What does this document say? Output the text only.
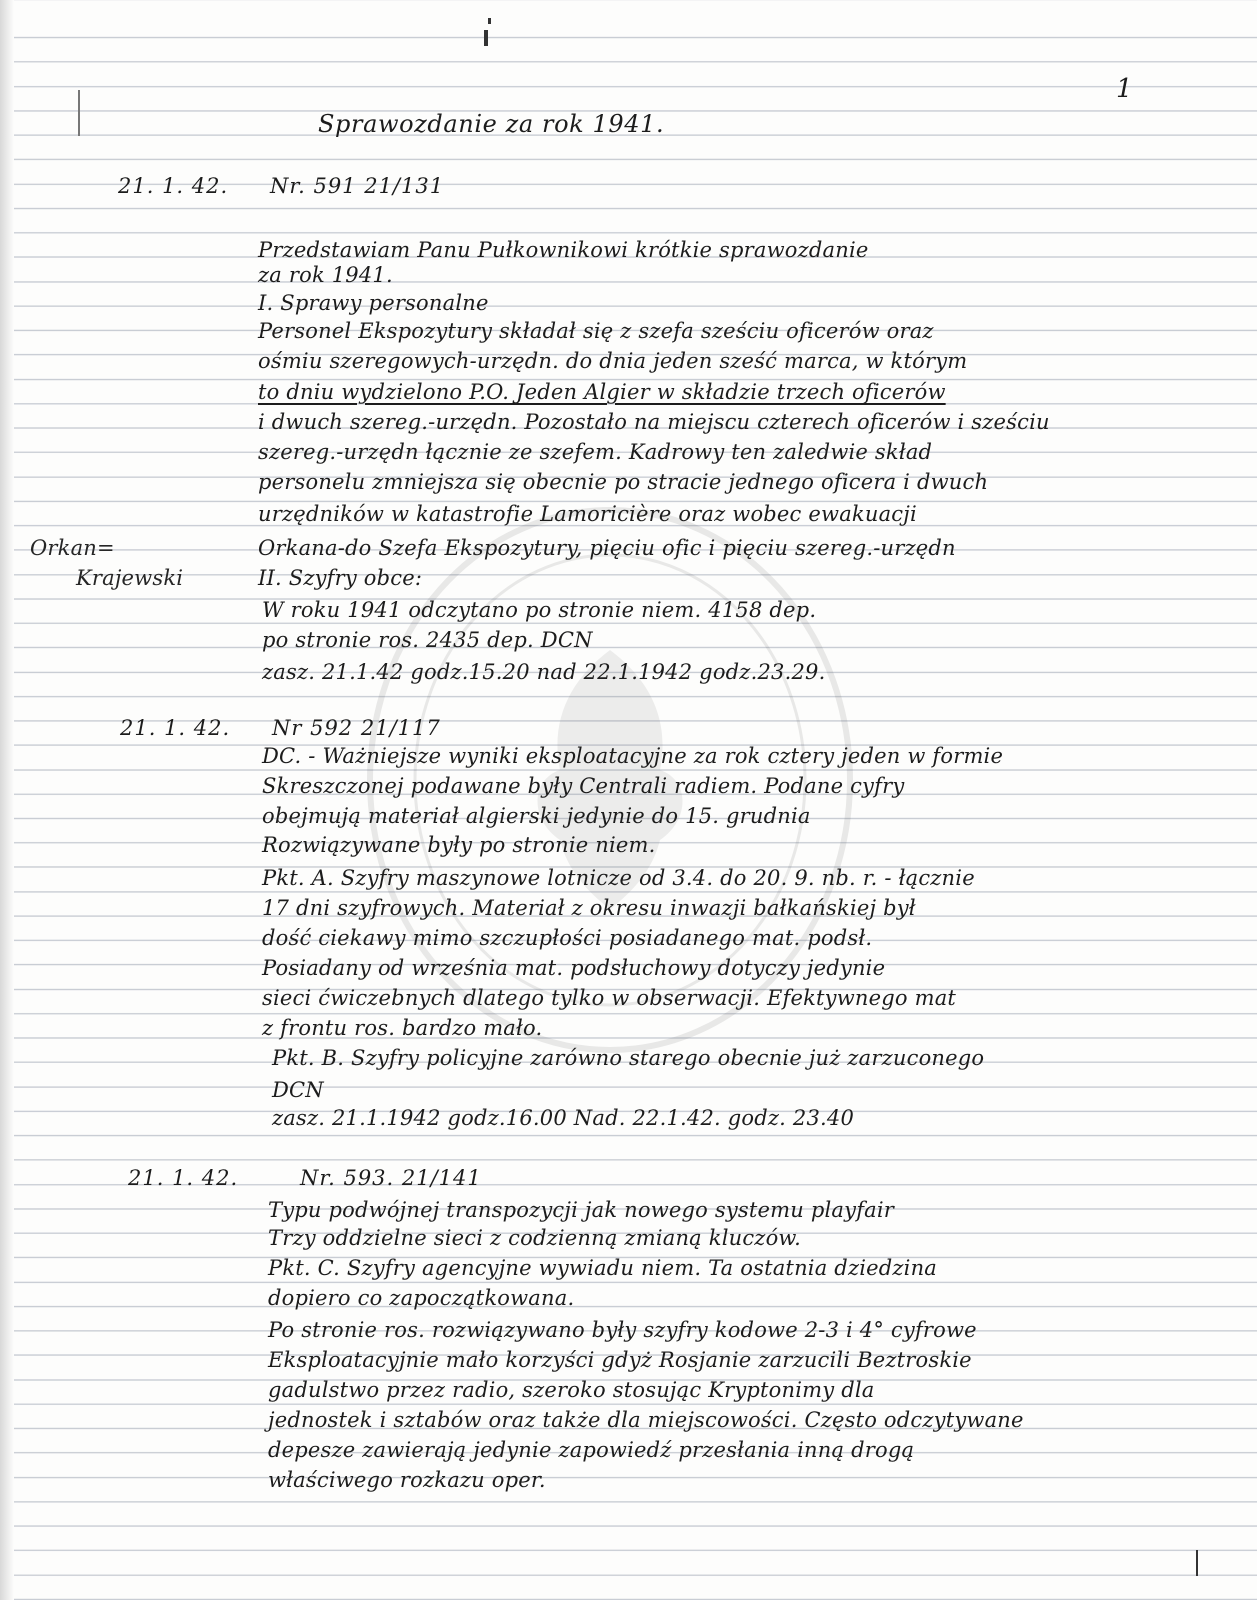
1
Sprawozdanie za rok 1941.
21. 1. 42. Nr. 591 21/131
Przedstawiam Panu Pułkownikowi krótkie sprawozdanie
za rok 1941.
I. Sprawy personalne
Personel Ekspozytury składał się z szefa sześciu oficerów oraz
ośmiu szeregowych-urzędn. do dnia jeden sześć marca, w którym
to dniu wydzielono P.O. Jeden Algier w składzie trzech oficerów
i dwuch szereg.-urzędn. Pozostało na miejscu czterech oficerów i sześciu
szereg.-urzędn łącznie ze szefem. Kadrowy ten zaledwie skład
personelu zmniejsza się obecnie po stracie jednego oficera i dwuch
urzędników w katastrofie Lamoricière oraz wobec ewakuacji
Orkan=	Orkana-do Szefa Ekspozytury, pięciu ofic i pięciu szereg.-urzędn
Krajewski	II. Szyfry obce:
W roku 1941 odczytano po stronie niem. 4158 dep.
po stronie ros. 2435 dep. DCN
zasz. 21.1.42 godz.15.20 nad 22.1.1942 godz.23.29.
21. 1. 42. Nr 592 21/117
DC. - Ważniejsze wyniki eksploatacyjne za rok cztery jeden w formie
Skreszczonej podawane były Centrali radiem. Podane cyfry
obejmują materiał algierski jedynie do 15. grudnia
Rozwiązywane były po stronie niem.
Pkt. A. Szyfry maszynowe lotnicze od 3.4. do 20. 9. nb. r. - łącznie
17 dni szyfrowych. Materiał z okresu inwazji bałkańskiej był
dość ciekawy mimo szczupłości posiadanego mat. podsł.
Posiadany od września mat. podsłuchowy dotyczy jedynie
sieci ćwiczebnych dlatego tylko w obserwacji. Efektywnego mat
z frontu ros. bardzo mało.
Pkt. B. Szyfry policyjne zarówno starego obecnie już zarzuconego
DCN
zasz. 21.1.1942 godz.16.00 Nad. 22.1.42. godz. 23.40
21. 1. 42.	Nr. 593. 21/141
Typu podwójnej transpozycji jak nowego systemu playfair
Trzy oddzielne sieci z codzienną zmianą kluczów.
Pkt. C. Szyfry agencyjne wywiadu niem. Ta ostatnia dziedzina
dopiero co zapoczątkowana.
Po stronie ros. rozwiązywano były szyfry kodowe 2-3 i 4° cyfrowe
Eksploatacyjnie mało korzyści gdyż Rosjanie zarzucili Beztroskie
gadulstwo przez radio, szeroko stosując Kryptonimy dla
jednostek i sztabów oraz także dla miejscowości. Często odczytywane
depesze zawierają jedynie zapowiedź przesłania inną drogą
właściwego rozkazu oper.
